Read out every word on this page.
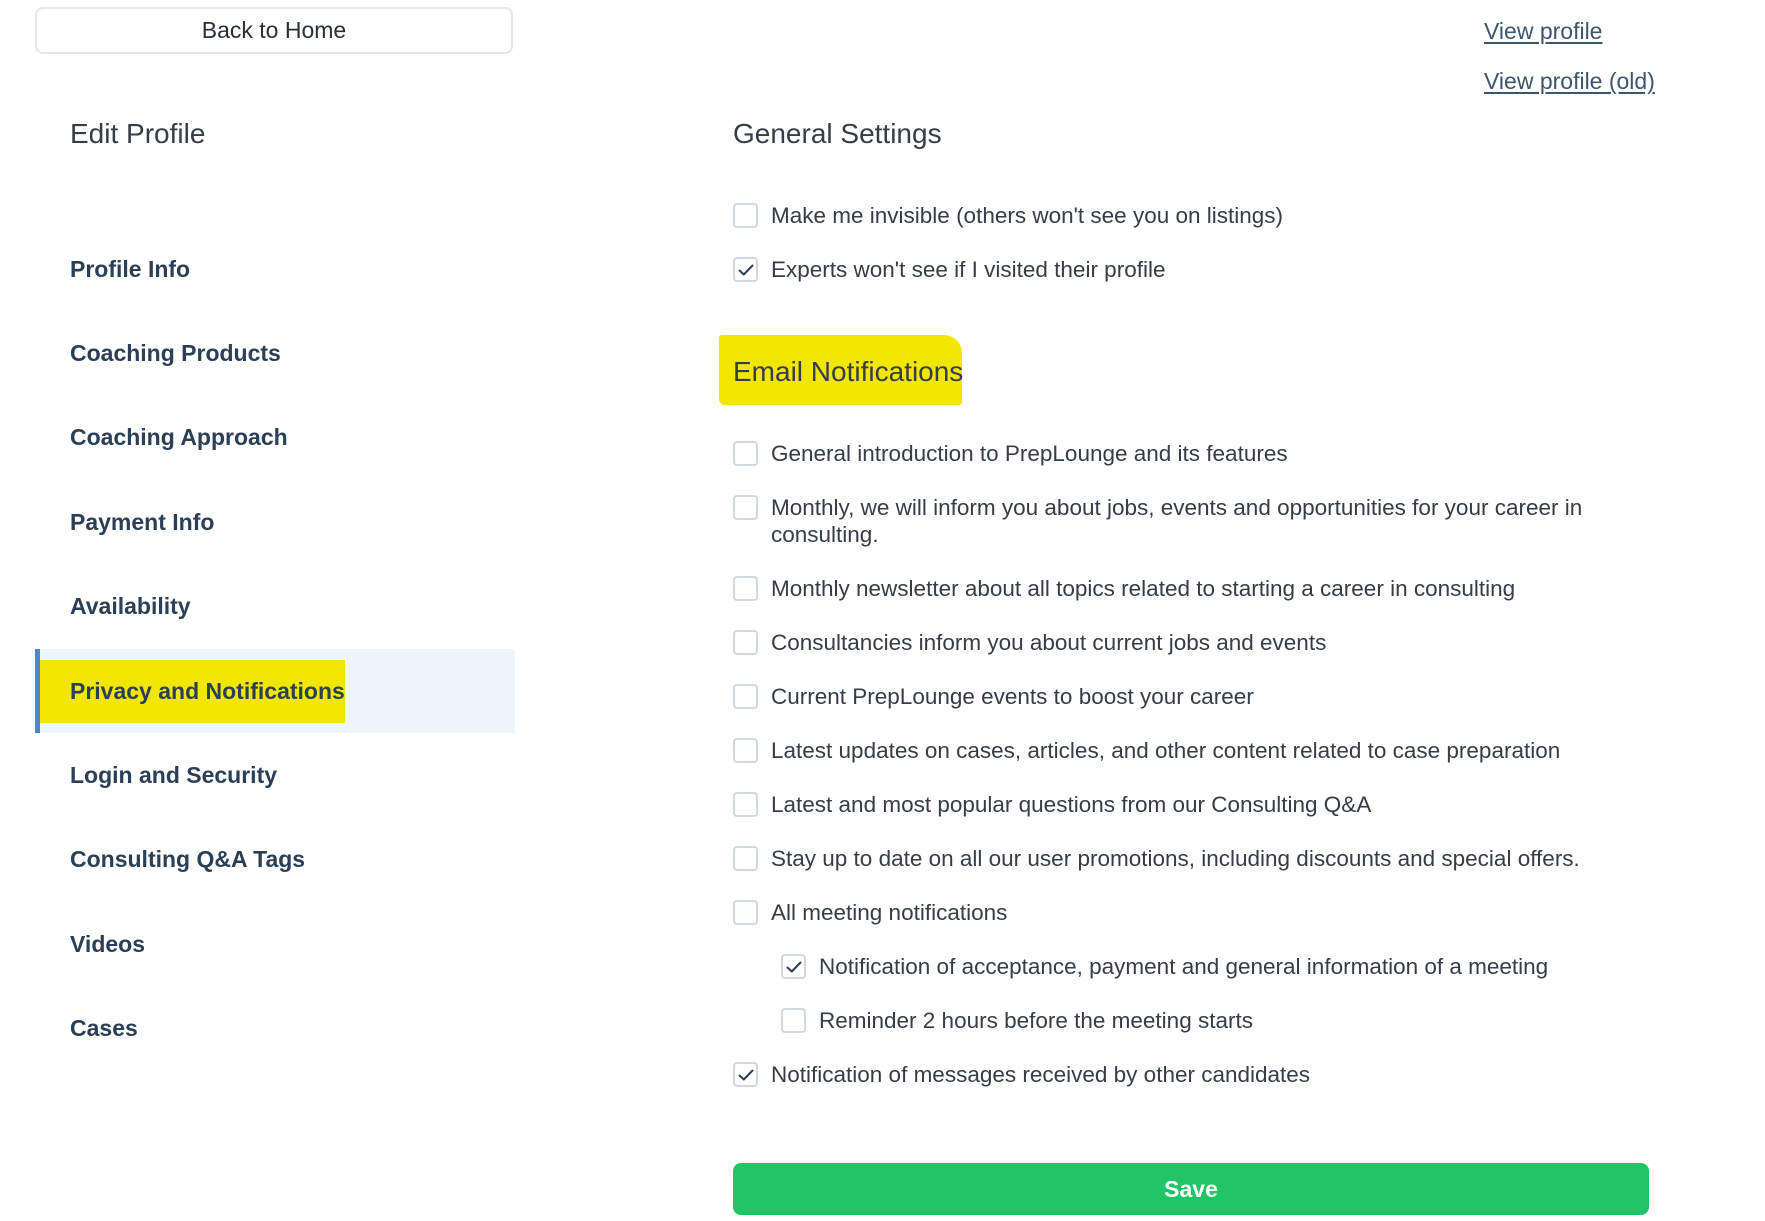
Back to Home	View profile
View profile (old)
Edit Profile
Profile Info
Coaching Products
Coaching Approach
Payment Info
Availability
Privacy and Notifications
Login and Security
Consulting Q&A Tags
Videos
Cases
General Settings
Make me invisible (others won't see you on listings)
Experts won't see if I visited their profile
Email Notifications
General introduction to PrepLounge and its features
Monthly, we will inform you about jobs, events and opportunities for your career in consulting.
Monthly newsletter about all topics related to starting a career in consulting
Consultancies inform you about current jobs and events
Current PrepLounge events to boost your career
Latest updates on cases, articles, and other content related to case preparation
Latest and most popular questions from our Consulting Q&A
Stay up to date on all our user promotions, including discounts and special offers.
All meeting notifications
Notification of acceptance, payment and general information of a meeting
Reminder 2 hours before the meeting starts
Notification of messages received by other candidates
Save
